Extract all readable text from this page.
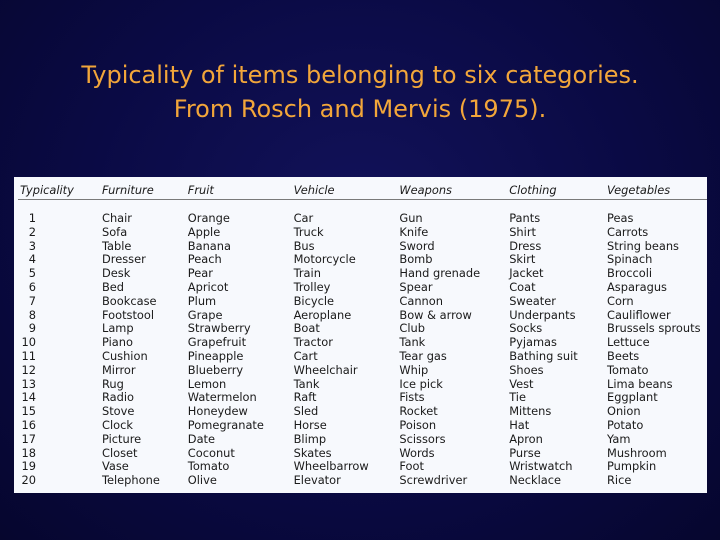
Typicality of items belonging to six categories.
From Rosch and Mervis (1975).
Typicality	Furniture	Fruit	Vehicle	Weapons	Clothing	Vegetables

1	Chair	Orange	Car	Gun	Pants	Peas
2	Sofa	Apple	Truck	Knife	Shirt	Carrots
3	Table	Banana	Bus	Sword	Dress	String beans
4	Dresser	Peach	Motorcycle	Bomb	Skirt	Spinach
5	Desk	Pear	Train	Hand grenade	Jacket	Broccoli
6	Bed	Apricot	Trolley	Spear	Coat	Asparagus
7	Bookcase	Plum	Bicycle	Cannon	Sweater	Corn
8	Footstool	Grape	Aeroplane	Bow & arrow	Underpants	Cauliflower
9	Lamp	Strawberry	Boat	Club	Socks	Brussels sprouts
10	Piano	Grapefruit	Tractor	Tank	Pyjamas	Lettuce
11	Cushion	Pineapple	Cart	Tear gas	Bathing suit	Beets
12	Mirror	Blueberry	Wheelchair	Whip	Shoes	Tomato
13	Rug	Lemon	Tank	Ice pick	Vest	Lima beans
14	Radio	Watermelon	Raft	Fists	Tie	Eggplant
15	Stove	Honeydew	Sled	Rocket	Mittens	Onion
16	Clock	Pomegranate	Horse	Poison	Hat	Potato
17	Picture	Date	Blimp	Scissors	Apron	Yam
18	Closet	Coconut	Skates	Words	Purse	Mushroom
19	Vase	Tomato	Wheelbarrow	Foot	Wristwatch	Pumpkin
20	Telephone	Olive	Elevator	Screwdriver	Necklace	Rice
